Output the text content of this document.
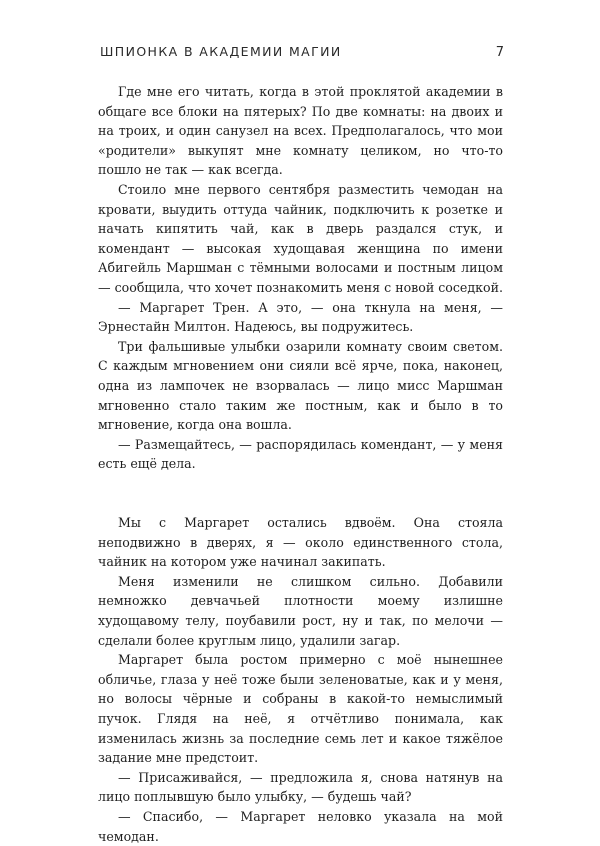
ШПИОНКА В АКАДЕМИИ МАГИИ	7

Где мне его читать, когда в этой проклятой академии в общаге все блоки на пятерых? По две комнаты: на двоих и на троих, и один санузел на всех. Предполагалось, что мои «родители» выкупят мне комнату целиком, но что-то пошло не так — как всегда.

Стоило мне первого сентября разместить чемодан на кровати, выудить оттуда чайник, подключить к розетке и начать кипятить чай, как в дверь раздался стук, и комендант — высокая худощавая женщина по имени Абигейль Маршман с тёмными волосами и постным лицом — сообщила, что хочет познакомить меня с новой соседкой.

— Маргарет Трен. А это, — она ткнула на меня, — Эрнестайн Милтон. Надеюсь, вы подружитесь.

Три фальшивые улыбки озарили комнату своим светом. С каждым мгновением они сияли всё ярче, пока, наконец, одна из лампочек не взорвалась — лицо мисс Маршман мгновенно стало таким же постным, как и было в то мгновение, когда она вошла.

— Размещайтесь, — распорядилась комендант, — у меня есть ещё дела.

Мы с Маргарет остались вдвоём. Она стояла неподвижно в дверях, я — около единственного стола, чайник на котором уже начинал закипать.

Меня изменили не слишком сильно. Добавили немножко девчачьей плотности моему излишне худощавому телу, поубавили рост, ну и так, по мелочи — сделали более круглым лицо, удалили загар.

Маргарет была ростом примерно с моё нынешнее обличье, глаза у неё тоже были зеленоватые, как и у меня, но волосы чёрные и собраны в какой-то немыслимый пучок. Глядя на неё, я отчётливо понимала, как изменилась жизнь за последние семь лет и какое тяжёлое задание мне предстоит.

— Присаживайся, — предложила я, снова натянув на лицо поплывшую было улыбку, — будешь чай?

— Спасибо, — Маргарет неловко указала на мой чемодан.
